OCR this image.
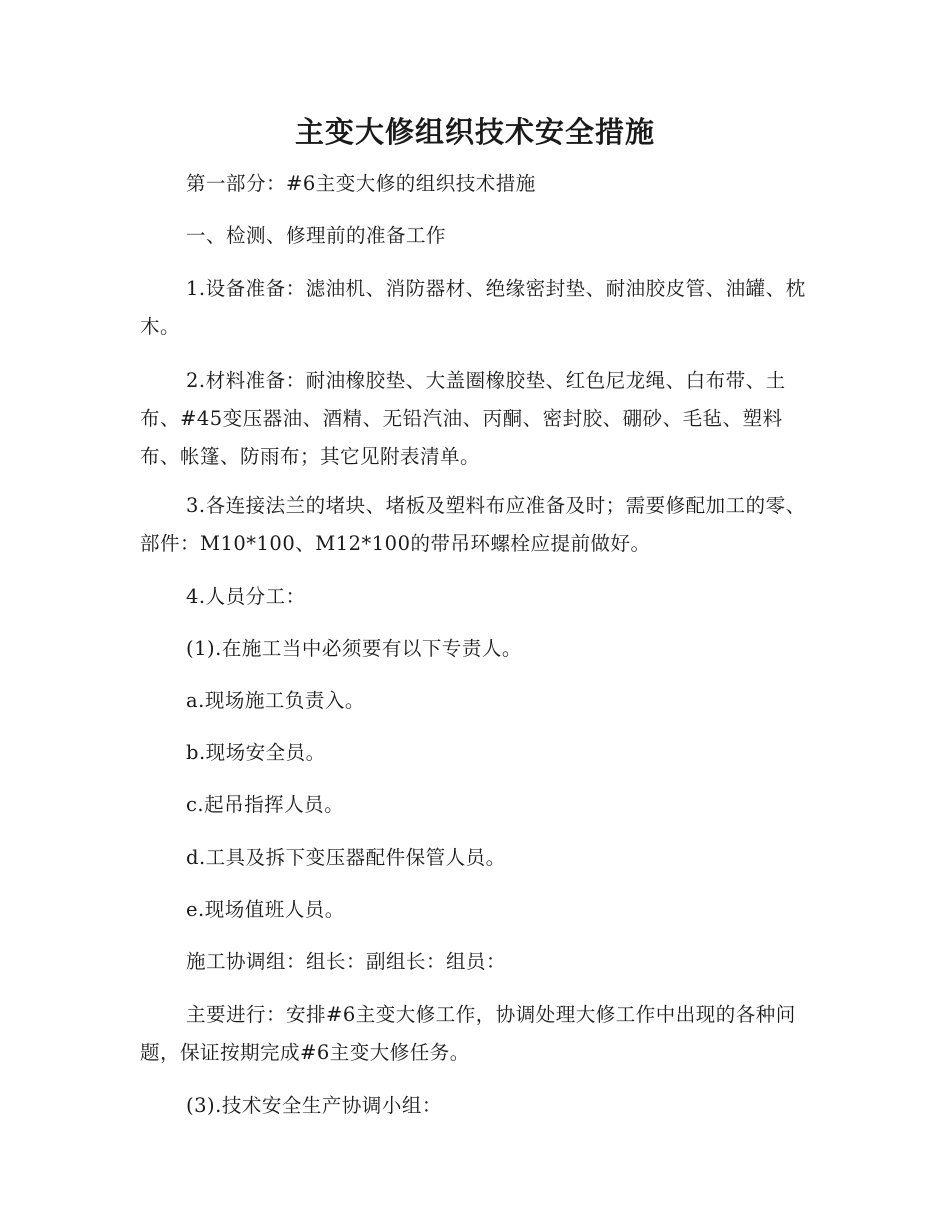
主变大修组织技术安全措施

第一部分：#6主变大修的组织技术措施

一、检测、修理前的准备工作

1.设备准备：滤油机、消防器材、绝缘密封垫、耐油胶皮管、油罐、枕木。

2.材料准备：耐油橡胶垫、大盖圈橡胶垫、红色尼龙绳、白布带、土布、#45变压器油、酒精、无铅汽油、丙酮、密封胶、硼砂、毛毡、塑料布、帐篷、防雨布；其它见附表清单。

3.各连接法兰的堵块、堵板及塑料布应准备及时；需要修配加工的零、部件：M10*100、M12*100的带吊环螺栓应提前做好。

4.人员分工：

(1).在施工当中必须要有以下专责人。

a.现场施工负责入。

b.现场安全员。

c.起吊指挥人员。

d.工具及拆下变压器配件保管人员。

e.现场值班人员。

施工协调组：组长：副组长：组员：

主要进行：安排#6主变大修工作，协调处理大修工作中出现的各种问题，保证按期完成#6主变大修任务。

(3).技术安全生产协调小组：
